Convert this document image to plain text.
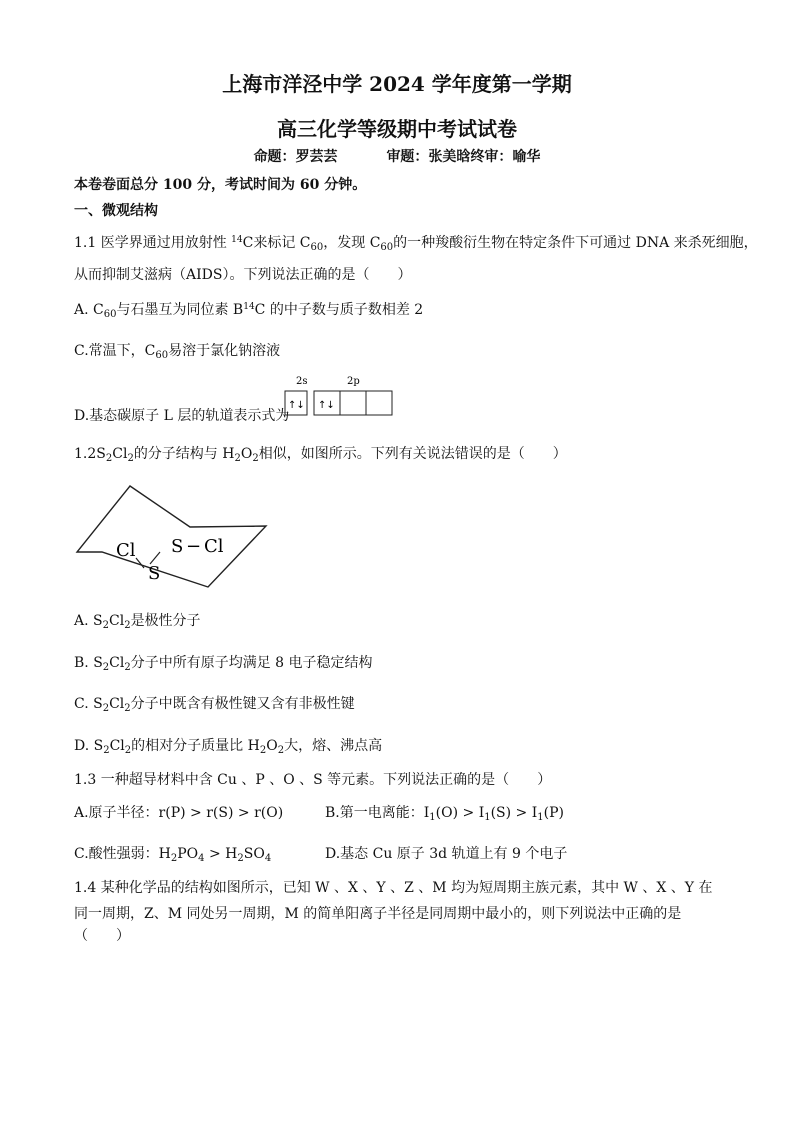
上海市洋泾中学 2024 学年度第一学期
高三化学等级期中考试试卷
命题：罗芸芸	审题：张美晗终审：喻华
本卷卷面总分 100 分，考试时间为 60 分钟。
一、微观结构
1.1 医学界通过用放射性 $^{14}$C来标记 $C_{60}$，发现 $C_{60}$的一种羧酸衍生物在特定条件下可通过 DNA 来杀死细胞，
从而抑制艾滋病（AIDS）。下列说法正确的是（ ）
A. $C_{60}$与石墨互为同位素 $B^{14}C$ 的中子数与质子数相差 2
C.常温下，$C_{60}$易溶于氯化钠溶液
D.基态碳原子 L 层的轨道表示式为
2s	2p
↑↓ ↑↓
$1.2S_2Cl_2$的分子结构与 $H_2O_2$相似，如图所示。下列有关说法错误的是（ ）
S − Cl
Cl
S
A. $S_2Cl_2$是极性分子
B. $S_2Cl_2$分子中所有原子均满足 8 电子稳定结构
C. $S_2Cl_2$分子中既含有极性键又含有非极性键
D. $S_2Cl_2$的相对分子质量比 $H_2O_2$大，熔、沸点高
1.3 一种超导材料中含 Cu 、P 、O 、S 等元素。下列说法正确的是（ ）
A.原子半径：r(P) > r(S) > r(O)	B.第一电离能：$I_1(O) > I_1(S) > I_1(P)$
C.酸性强弱：$H_2PO_4 > H_2SO_4$	D.基态 Cu 原子 3d 轨道上有 9 个电子
1.4 某种化学品的结构如图所示，已知 W 、X 、Y 、Z 、M 均为短周期主族元素，其中 W 、X 、Y 在
同一周期，Z、M 同处另一周期，M 的简单阳离子半径是同周期中最小的，则下列说法中正确的是
（ ）
